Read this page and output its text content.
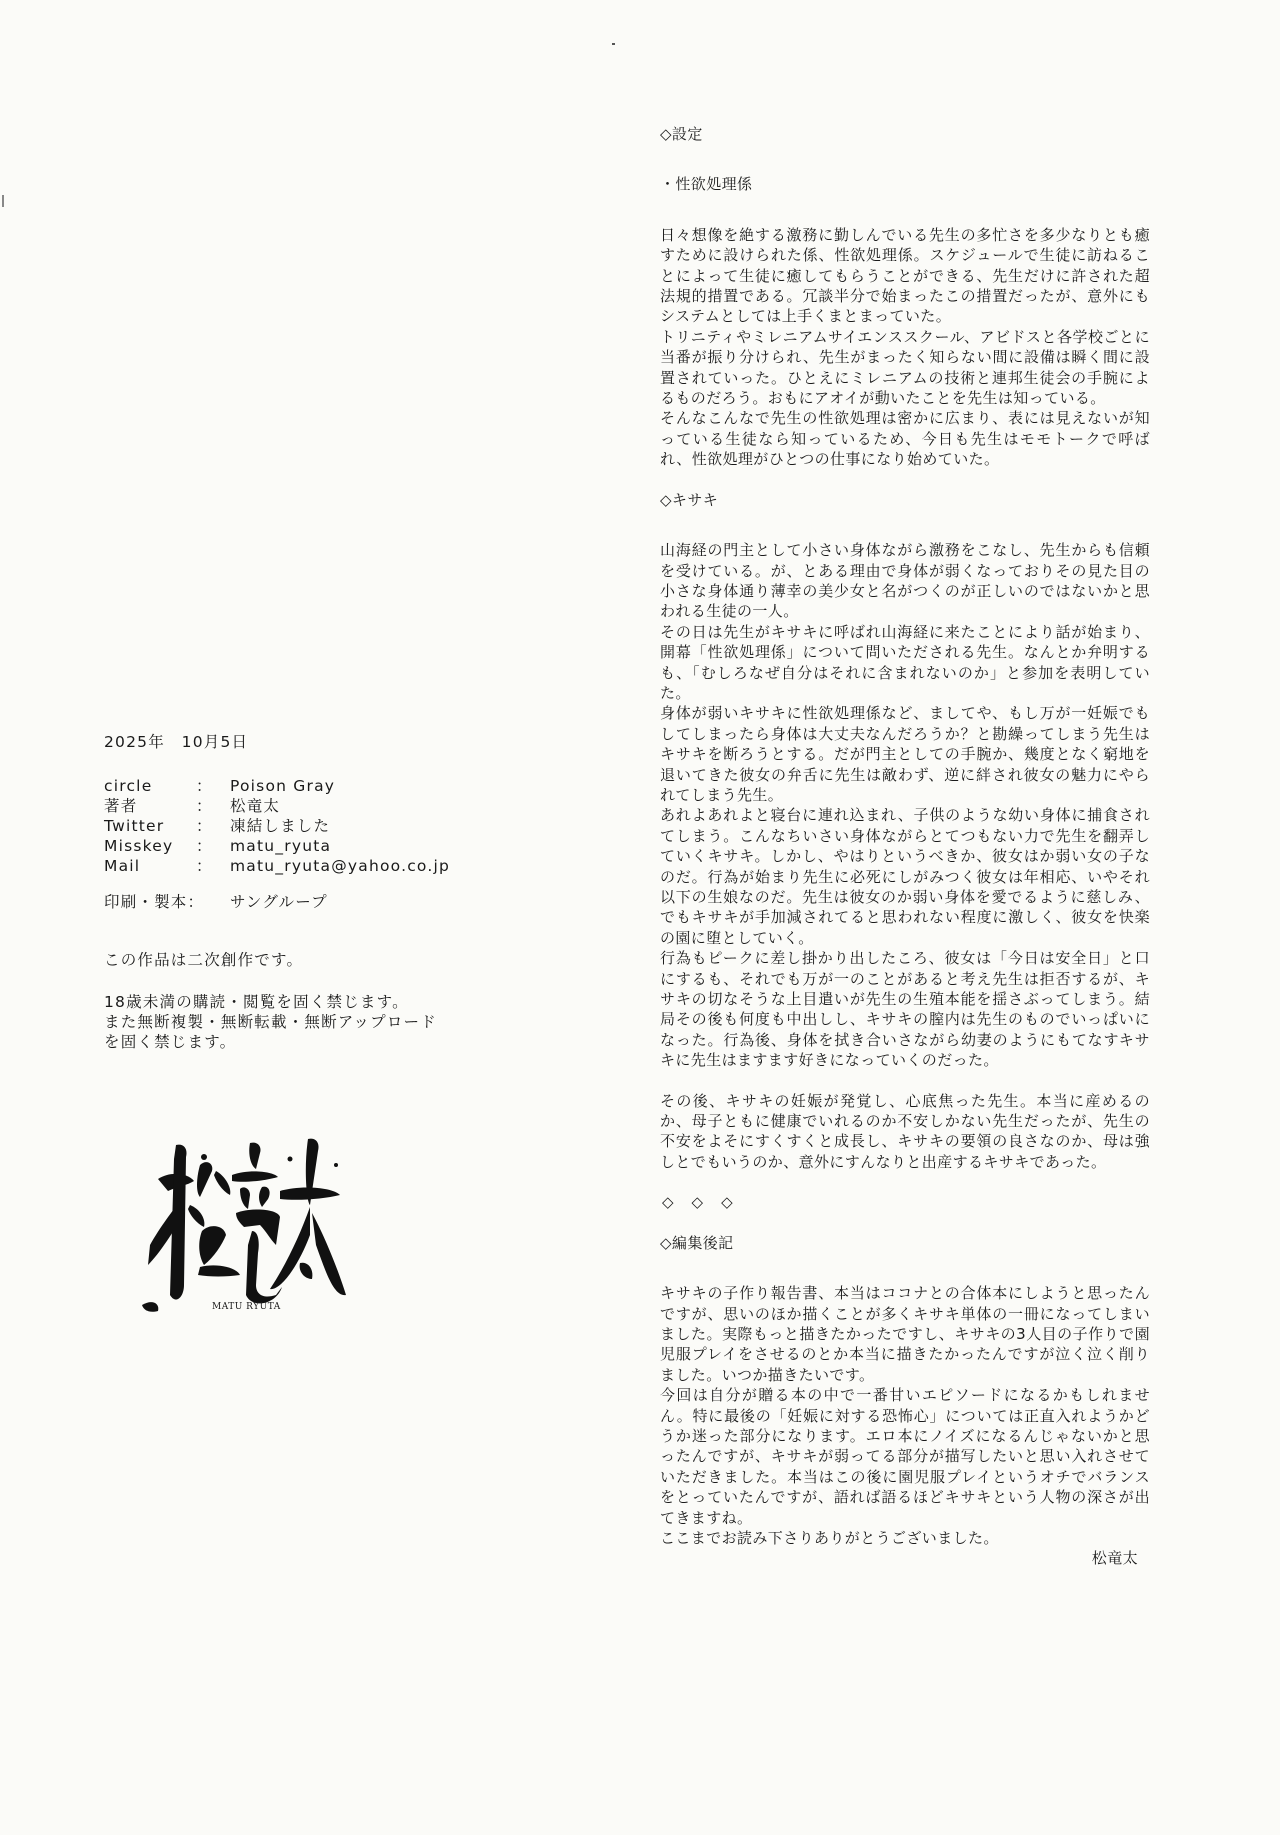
2025年　10月5日
circle	：	Poison Gray
著者	：	松竜太
Twitter	：	凍結しました
Misskey	：	matu_ryuta
Mail	：	matu_ryuta@yahoo.co.jp
印刷・製本：	サングループ

この作品は二次創作です。

18歳未満の購読・閲覧を固く禁じます。

また無断複製・無断転載・無断アップロード

を固く禁じます。

MATU RYUTA
◇設定
・性欲処理係

日々想像を絶する激務に勤しんでいる先生の多忙さを多少なりとも癒すために設けられた係、性欲処理係。スケジュールで生徒に訪ねることによって生徒に癒してもらうことができる、先生だけに許された超法規的措置である。冗談半分で始まったこの措置だったが、意外にもシステムとしては上手くまとまっていた。

トリニティやミレニアムサイエンススクール、アビドスと各学校ごとに当番が振り分けられ、先生がまったく知らない間に設備は瞬く間に設置されていった。ひとえにミレニアムの技術と連邦生徒会の手腕によるものだろう。おもにアオイが動いたことを先生は知っている。

そんなこんなで先生の性欲処理は密かに広まり、表には見えないが知っている生徒なら知っているため、今日も先生はモモトークで呼ばれ、性欲処理がひとつの仕事になり始めていた。

◇キサキ

山海経の門主として小さい身体ながら激務をこなし、先生からも信頼を受けている。が、とある理由で身体が弱くなっておりその見た目の小さな身体通り薄幸の美少女と名がつくのが正しいのではないかと思われる生徒の一人。

その日は先生がキサキに呼ばれ山海経に来たことにより話が始まり、開幕「性欲処理係」について問いただされる先生。なんとか弁明するも、「むしろなぜ自分はそれに含まれないのか」と参加を表明していた。

身体が弱いキサキに性欲処理係など、ましてや、もし万が一妊娠でもしてしまったら身体は大丈夫なんだろうか？と勘繰ってしまう先生はキサキを断ろうとする。だが門主としての手腕か、幾度となく窮地を退いてきた彼女の弁舌に先生は敵わず、逆に絆され彼女の魅力にやられてしまう先生。

あれよあれよと寝台に連れ込まれ、子供のような幼い身体に捕食されてしまう。こんなちいさい身体ながらとてつもない力で先生を翻弄していくキサキ。しかし、やはりというべきか、彼女はか弱い女の子なのだ。行為が始まり先生に必死にしがみつく彼女は年相応、いやそれ以下の生娘なのだ。先生は彼女のか弱い身体を愛でるように慈しみ、でもキサキが手加減されてると思われない程度に激しく、彼女を快楽の園に堕としていく。

行為もピークに差し掛かり出したころ、彼女は「今日は安全日」と口にするも、それでも万が一のことがあると考え先生は拒否するが、キサキの切なそうな上目遣いが先生の生殖本能を揺さぶってしまう。結局その後も何度も中出しし、キサキの膣内は先生のものでいっぱいになった。行為後、身体を拭き合いさながら幼妻のようにもてなすキサキに先生はますます好きになっていくのだった。

その後、キサキの妊娠が発覚し、心底焦った先生。本当に産めるのか、母子ともに健康でいれるのか不安しかない先生だったが、先生の不安をよそにすくすくと成長し、キサキの要領の良さなのか、母は強しとでもいうのか、意外にすんなりと出産するキサキであった。

◇◇◇
◇編集後記

キサキの子作り報告書、本当はココナとの合体本にしようと思ったんですが、思いのほか描くことが多くキサキ単体の一冊になってしまいました。実際もっと描きたかったですし、キサキの3人目の子作りで園児服プレイをさせるのとか本当に描きたかったんですが泣く泣く削りました。いつか描きたいです。

今回は自分が贈る本の中で一番甘いエピソードになるかもしれません。特に最後の「妊娠に対する恐怖心」については正直入れようかどうか迷った部分になります。エロ本にノイズになるんじゃないかと思ったんですが、キサキが弱ってる部分が描写したいと思い入れさせていただきました。本当はこの後に園児服プレイというオチでバランスをとっていたんですが、語れば語るほどキサキという人物の深さが出てきますね。

ここまでお読み下さりありがとうございました。

松竜太
